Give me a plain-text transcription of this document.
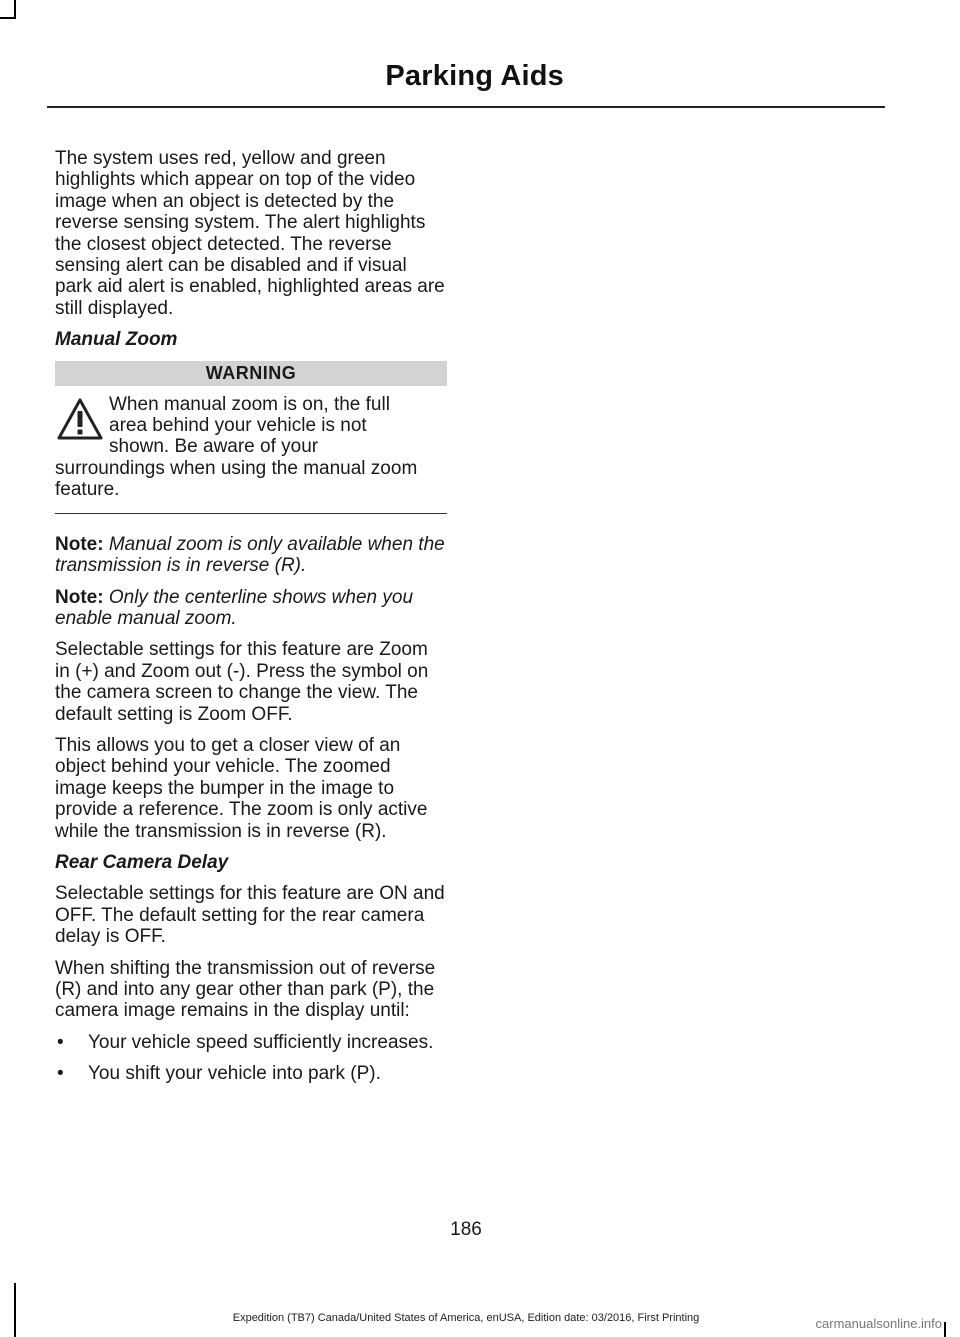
Parking Aids

The system uses red, yellow and green highlights which appear on top of the video image when an object is detected by the reverse sensing system. The alert highlights the closest object detected. The reverse sensing alert can be disabled and if visual park aid alert is enabled, highlighted areas are still displayed.

Manual Zoom

WARNING
When manual zoom is on, the full
area behind your vehicle is not
shown. Be aware of your
surroundings when using the manual zoom feature.

Note: Manual zoom is only available when the transmission is in reverse (R).

Note: Only the centerline shows when you enable manual zoom.

Selectable settings for this feature are Zoom in (+) and Zoom out (-). Press the symbol on the camera screen to change the view. The default setting is Zoom OFF.

This allows you to get a closer view of an object behind your vehicle. The zoomed image keeps the bumper in the image to provide a reference. The zoom is only active while the transmission is in reverse (R).

Rear Camera Delay

Selectable settings for this feature are ON and OFF. The default setting for the rear camera delay is OFF.

When shifting the transmission out of reverse (R) and into any gear other than park (P), the camera image remains in the display until:

• Your vehicle speed sufficiently increases.
• You shift your vehicle into park (P).
186
Expedition (TB7) Canada/United States of America, enUSA, Edition date: 03/2016, First Printing	carmanualsonline.info
